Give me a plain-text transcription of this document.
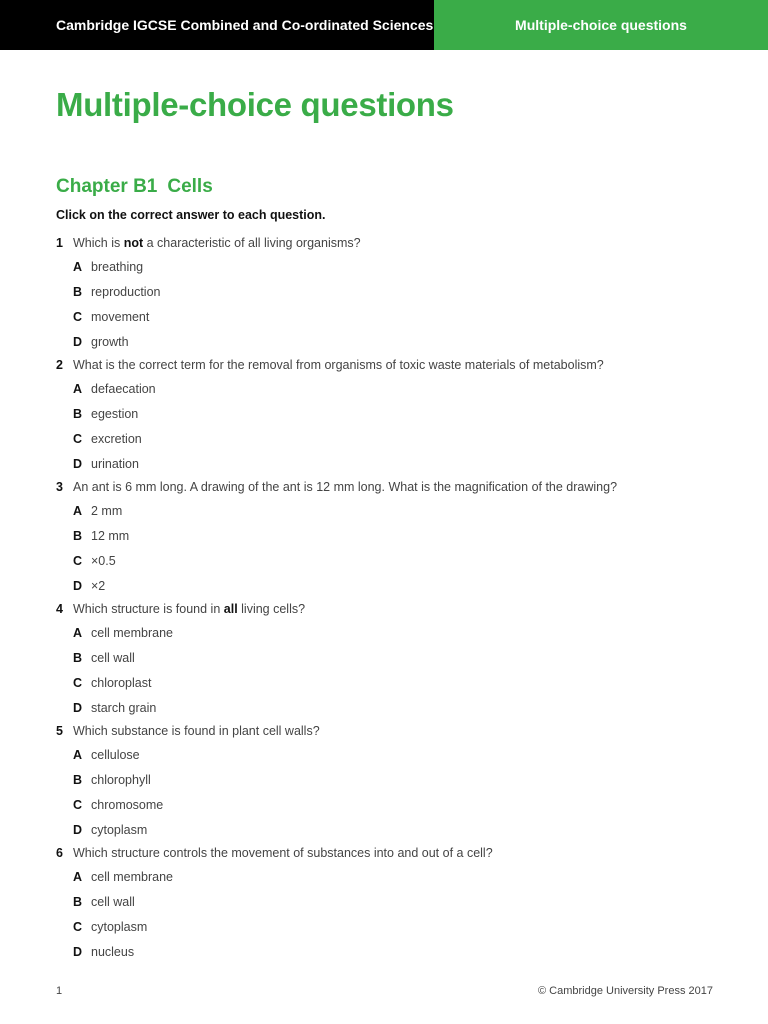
Cambridge IGCSE Combined and Co-ordinated Sciences	Multiple-choice questions
Multiple-choice questions
Chapter B1 Cells
Click on the correct answer to each question.
1 Which is not a characteristic of all living organisms?
A breathing
B reproduction
C movement
D growth
2 What is the correct term for the removal from organisms of toxic waste materials of metabolism?
A defaecation
B egestion
C excretion
D urination
3 An ant is 6 mm long. A drawing of the ant is 12 mm long. What is the magnification of the drawing?
A 2 mm
B 12 mm
C ×0.5
D ×2
4 Which structure is found in all living cells?
A cell membrane
B cell wall
C chloroplast
D starch grain
5 Which substance is found in plant cell walls?
A cellulose
B chlorophyll
C chromosome
D cytoplasm
6 Which structure controls the movement of substances into and out of a cell?
A cell membrane
B cell wall
C cytoplasm
D nucleus
1	© Cambridge University Press 2017
